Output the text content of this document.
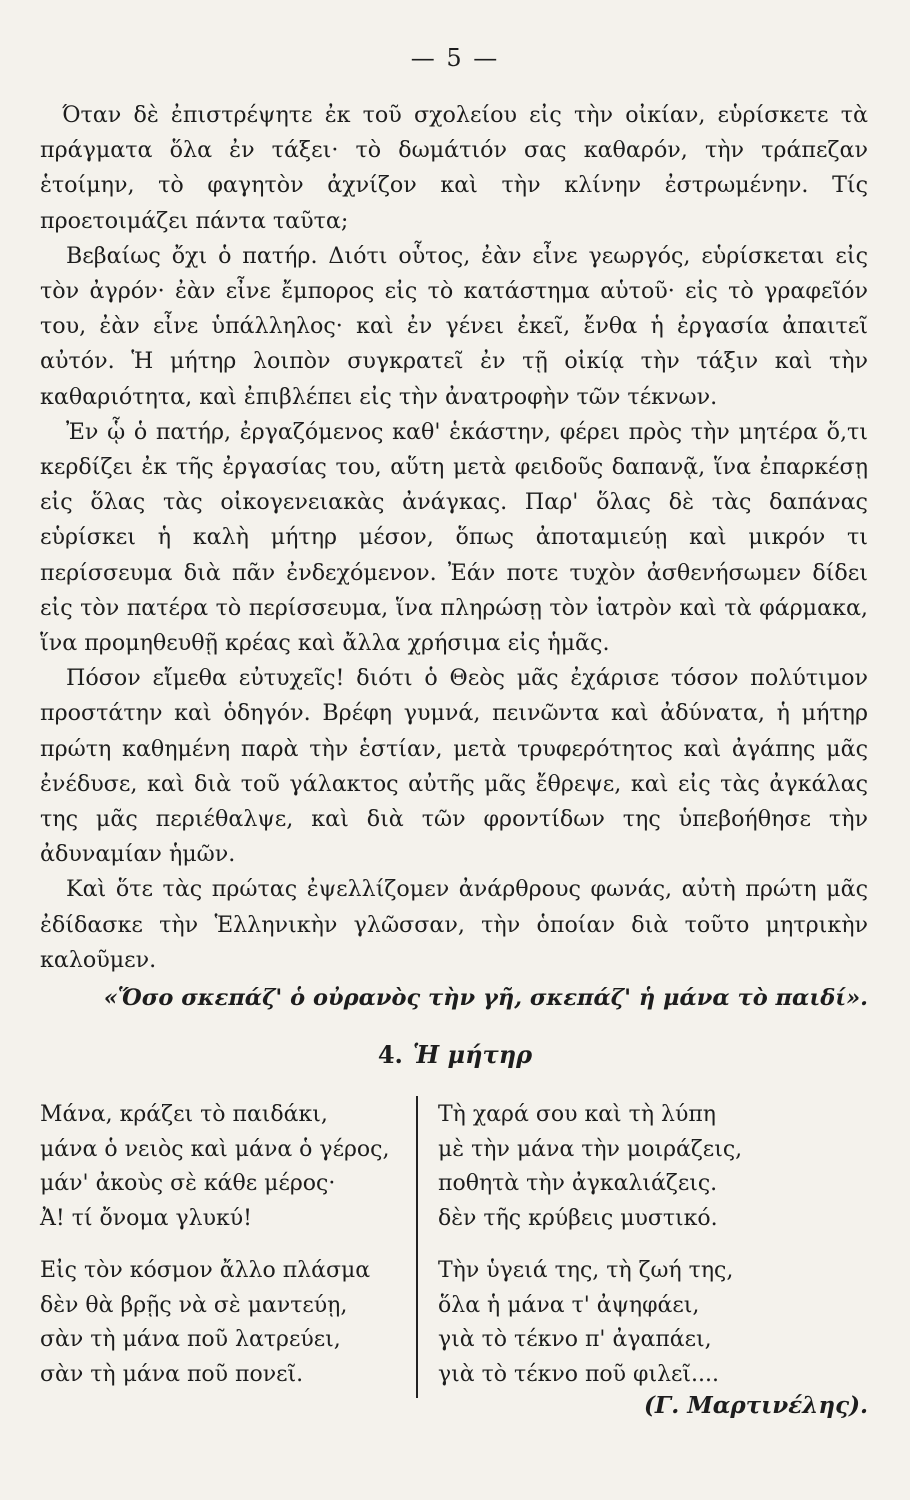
— 5 —

Όταν δὲ ἐπιστρέψητε ἐκ τοῦ σχολείου εἰς τὴν οἰκίαν, εὑρίσκετε τὰ πράγματα ὅλα ἐν τάξει· τὸ δωμάτιόν σας καθαρόν, τὴν τράπεζαν ἑτοίμην, τὸ φαγητὸν ἀχνίζον καὶ τὴν κλίνην ἐστρωμένην. Τίς προετοιμάζει πάντα ταῦτα;

Βεβαίως ὄχι ὁ πατήρ. Διότι οὗτος, ἐὰν εἶνε γεωργός, εὑρίσκεται εἰς τὸν ἀγρόν· ἐὰν εἶνε ἔμπορος εἰς τὸ κατάστημα αὑτοῦ· εἰς τὸ γραφεῖόν του, ἐὰν εἶνε ὑπάλληλος· καὶ ἐν γένει ἐκεῖ, ἔνθα ἡ ἐργασία ἀπαιτεῖ αὐτόν. Ἡ μήτηρ λοιπὸν συγκρατεῖ ἐν τῇ οἰκίᾳ τὴν τάξιν καὶ τὴν καθαριότητα, καὶ ἐπιβλέπει εἰς τὴν ἀνατροφὴν τῶν τέκνων.

Ἐν ᾧ ὁ πατήρ, ἐργαζόμενος καθ' ἑκάστην, φέρει πρὸς τὴν μητέρα ὅ,τι κερδίζει ἐκ τῆς ἐργασίας του, αὕτη μετὰ φειδοῦς δαπανᾷ, ἵνα ἐπαρκέσῃ εἰς ὅλας τὰς οἰκογενειακὰς ἀνάγκας. Παρ' ὅλας δὲ τὰς δαπάνας εὑρίσκει ἡ καλὴ μήτηρ μέσον, ὅπως ἀποταμιεύῃ καὶ μικρόν τι περίσσευμα διὰ πᾶν ἐνδεχόμενον. Ἐάν ποτε τυχὸν ἀσθενήσωμεν δίδει εἰς τὸν πατέρα τὸ περίσσευμα, ἵνα πληρώσῃ τὸν ἰατρὸν καὶ τὰ φάρμακα, ἵνα προμηθευθῇ κρέας καὶ ἄλλα χρήσιμα εἰς ἡμᾶς.

Πόσον εἴμεθα εὐτυχεῖς! διότι ὁ Θεὸς μᾶς ἐχάρισε τόσον πολύτιμον προστάτην καὶ ὁδηγόν. Βρέφη γυμνά, πεινῶντα καὶ ἀδύνατα, ἡ μήτηρ πρώτη καθημένη παρὰ τὴν ἑστίαν, μετὰ τρυφερότητος καὶ ἀγάπης μᾶς ἐνέδυσε, καὶ διὰ τοῦ γάλακτος αὐτῆς μᾶς ἔθρεψε, καὶ εἰς τὰς ἀγκάλας της μᾶς περιέθαλψε, καὶ διὰ τῶν φροντίδων της ὑπεβοήθησε τὴν ἀδυναμίαν ἡμῶν.

Καὶ ὅτε τὰς πρώτας ἐψελλίζομεν ἀνάρθρους φωνάς, αὐτὴ πρώτη μᾶς ἐδίδασκε τὴν Ἑλληνικὴν γλῶσσαν, τὴν ὁποίαν διὰ τοῦτο μητρικὴν καλοῦμεν.

«Ὅσο σκεπάζ' ὁ οὐρανὸς τὴν γῆ, σκεπάζ' ἡ μάνα τὸ παιδί».
4. Ἡ μήτηρ
Μάνα, κράζει τὸ παιδάκι,
μάνα ὁ νειὸς καὶ μάνα ὁ γέρος,
μάν' ἀκοὺς σὲ κάθε μέρος·
Ἀ! τί ὄνομα γλυκύ!
Εἰς τὸν κόσμον ἄλλο πλάσμα
δὲν θὰ βρῇς νὰ σὲ μαντεύῃ,
σὰν τὴ μάνα ποῦ λατρεύει,
σὰν τὴ μάνα ποῦ πονεῖ.
Τὴ χαρά σου καὶ τὴ λύπη
μὲ τὴν μάνα τὴν μοιράζεις,
ποθητὰ τὴν ἀγκαλιάζεις.
δὲν τῆς κρύβεις μυστικό.
Τὴν ὑγειά της, τὴ ζωή της,
ὅλα ἡ μάνα τ' ἀψηφάει,
γιὰ τὸ τέκνο π' ἀγαπάει,
γιὰ τὸ τέκνο ποῦ φιλεῖ....
(Γ. Μαρτινέλης).
